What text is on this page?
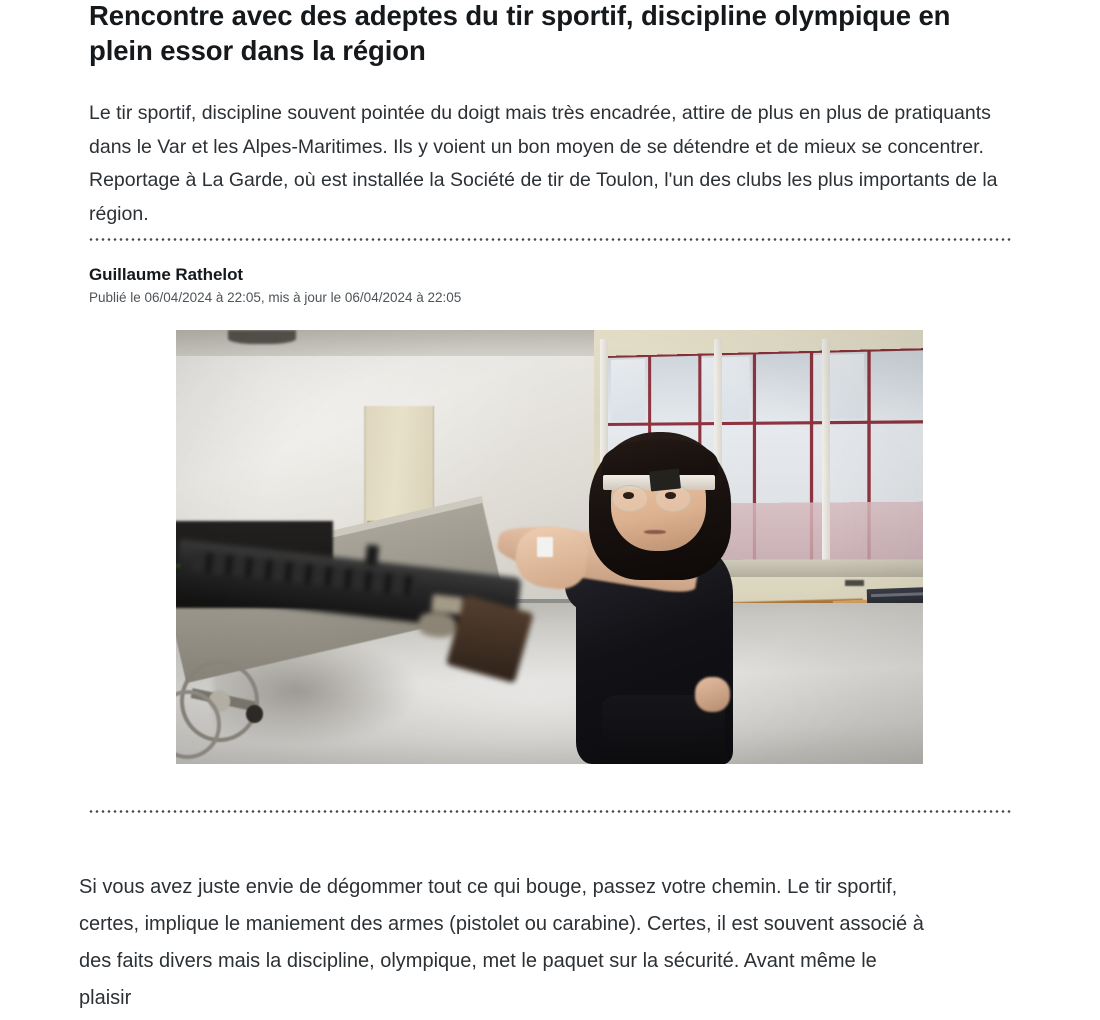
Rencontre avec des adeptes du tir sportif, discipline olympique en plein essor dans la région

Le tir sportif, discipline souvent pointée du doigt mais très encadrée, attire de plus en plus de pratiquants dans le Var et les Alpes-Maritimes. Ils y voient un bon moyen de se détendre et de mieux se concentrer. Reportage à La Garde, où est installée la Société de tir de Toulon, l'un des clubs les plus importants de la région.

Guillaume Rathelot
Publié le 06/04/2024 à 22:05, mis à jour le 06/04/2024 à 22:05

Si vous avez juste envie de dégommer tout ce qui bouge, passez votre chemin. Le tir sportif, certes, implique le maniement des armes (pistolet ou carabine). Certes, il est souvent associé à des faits divers mais la discipline, olympique, met le paquet sur la sécurité. Avant même le plaisir
